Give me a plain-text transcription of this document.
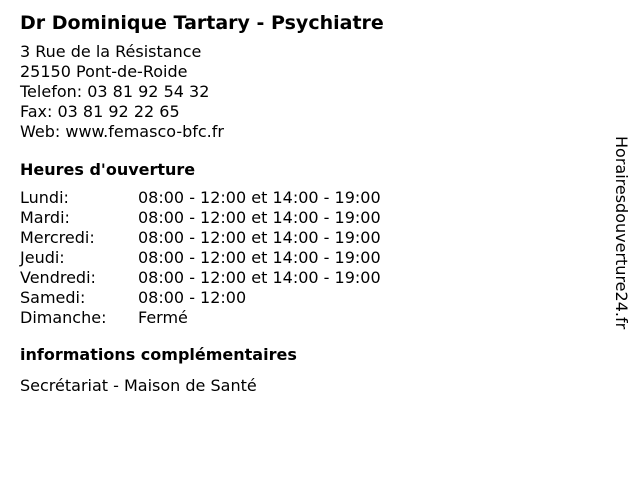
Dr Dominique Tartary - Psychiatre
3 Rue de la Résistance
25150 Pont-de-Roide
Telefon: 03 81 92 54 32
Fax: 03 81 92 22 65
Web: www.femasco-bfc.fr
Heures d'ouverture
Lundi:	08:00 - 12:00 et 14:00 - 19:00
Mardi:	08:00 - 12:00 et 14:00 - 19:00
Mercredi:	08:00 - 12:00 et 14:00 - 19:00
Jeudi:	08:00 - 12:00 et 14:00 - 19:00
Vendredi:	08:00 - 12:00 et 14:00 - 19:00
Samedi:	08:00 - 12:00
Dimanche:	Fermé
informations complémentaires
Secrétariat - Maison de Santé
Horairesdouverture24.fr
